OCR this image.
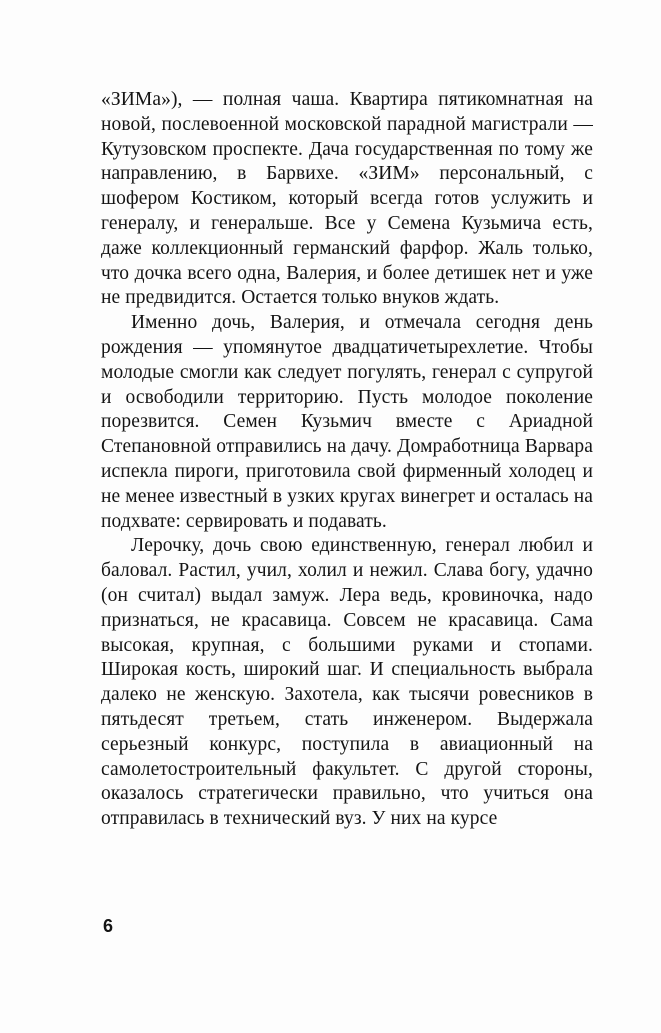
«ЗИМа»), — полная чаша. Квартира пятикомнатная на новой, послевоенной московской парадной магистрали — Кутузовском проспекте. Дача государственная по тому же направлению, в Барвихе. «ЗИМ» персональный, с шофером Костиком, который всегда готов услужить и генералу, и генеральше. Все у Семена Кузьмича есть, даже коллекционный германский фарфор. Жаль только, что дочка всего одна, Валерия, и более детишек нет и уже не предвидится. Остается только внуков ждать.

Именно дочь, Валерия, и отмечала сегодня день рождения — упомянутое двадцатичетырехлетие. Чтобы молодые смогли как следует погулять, генерал с супругой и освободили территорию. Пусть молодое поколение порезвится. Семен Кузьмич вместе с Ариадной Степановной отправились на дачу. Домработница Варвара испекла пироги, приготовила свой фирменный холодец и не менее известный в узких кругах винегрет и осталась на подхвате: сервировать и подавать.

Лерочку, дочь свою единственную, генерал любил и баловал. Растил, учил, холил и нежил. Слава богу, удачно (он считал) выдал замуж. Лера ведь, кровиночка, надо признаться, не красавица. Совсем не красавица. Сама высокая, крупная, с большими руками и стопами. Широкая кость, широкий шаг. И специальность выбрала далеко не женскую. Захотела, как тысячи ровесников в пятьдесят третьем, стать инженером. Выдержала серьезный конкурс, поступила в авиационный на самолетостроительный факультет. С другой стороны, оказалось стратегически правильно, что учиться она отправилась в технический вуз. У них на курсе

6
